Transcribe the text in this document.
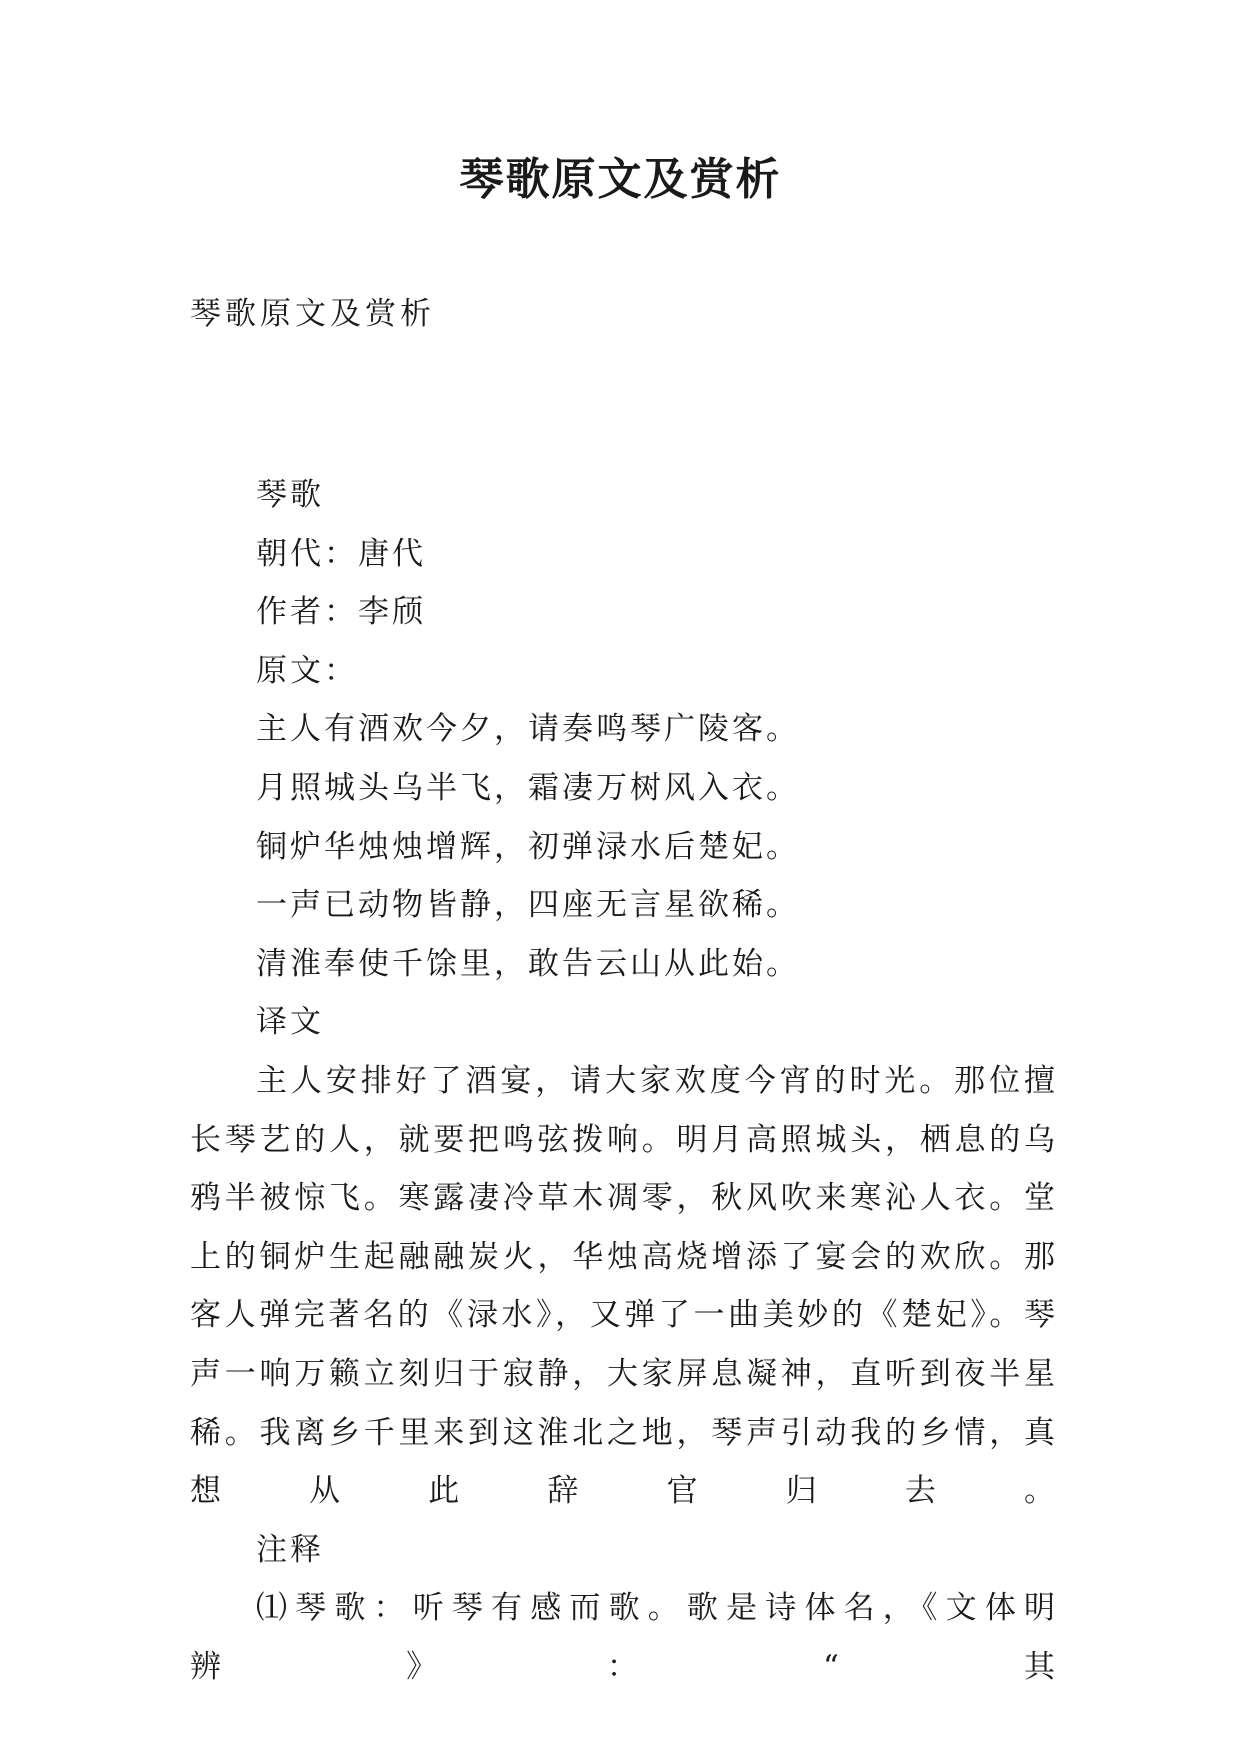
琴歌原文及赏析

琴歌原文及赏析

琴歌

朝代：唐代

作者：李颀

原文：

主人有酒欢今夕，请奏鸣琴广陵客。

月照城头乌半飞，霜凄万树风入衣。

铜炉华烛烛增辉，初弹渌水后楚妃。

一声已动物皆静，四座无言星欲稀。

清淮奉使千馀里，敢告云山从此始。

译文

主人安排好了酒宴，请大家欢度今宵的时光。那位擅长琴艺的人，就要把鸣弦拨响。明月高照城头，栖息的乌鸦半被惊飞。寒露凄冷草木凋零，秋风吹来寒沁人衣。堂上的铜炉生起融融炭火，华烛高烧增添了宴会的欢欣。那客人弹完著名的《渌水》，又弹了一曲美妙的《楚妃》。琴声一响万籁立刻归于寂静，大家屏息凝神，直听到夜半星稀。我离乡千里来到这淮北之地，琴声引动我的乡情，真想从此辞官归去。

注释

⑴琴歌：听琴有感而歌。歌是诗体名，《文体明辨》：“其
